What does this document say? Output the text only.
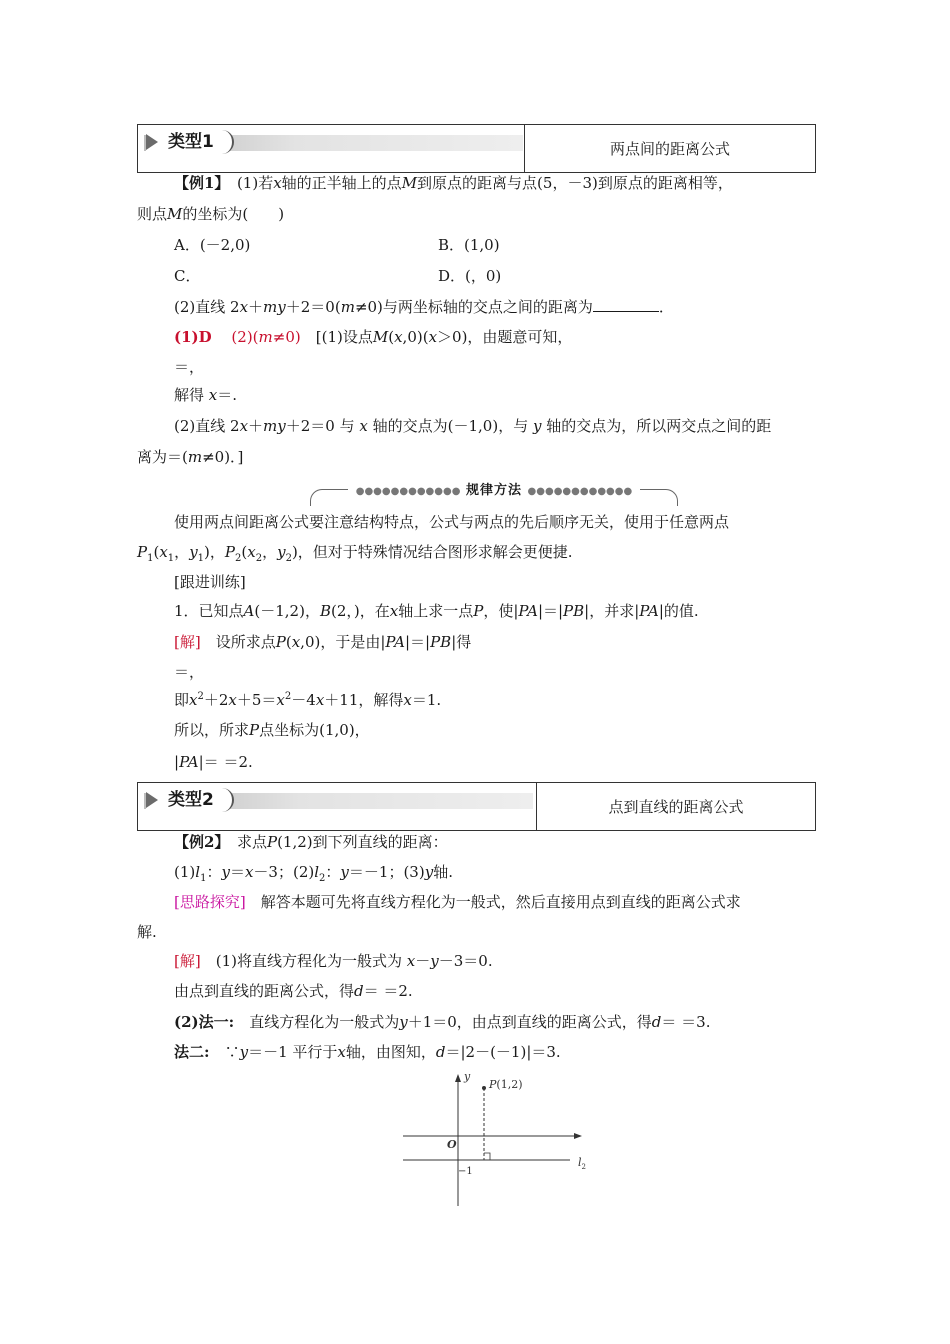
类型1	两点间的距离公式
【例1】　 (1)若x轴的正半轴上的点M到原点的距离与点(5，－3)到原点的距离相等，
则点M的坐标为(　　)
A．(－2,0)	B．(1,0)
C．	D．(，0)
(2)直线 2x＋my＋2＝0(m≠0)与两坐标轴的交点之间的距离为	．
(1)D　 (2)(m≠0)　 [(1)设点M(x,0)(x＞0)，由题意可知，
＝，
解得 x＝.
(2)直线 2x＋my＋2＝0 与 x 轴的交点为(－1,0)，与 y 轴的交点为，所以两交点之间的距
离为＝(m≠0)．]
●●●●●●●●●●●● 规律方法 ●●●●●●●●●●●●
使用两点间距离公式要注意结构特点，公式与两点的先后顺序无关，使用于任意两点
$P_1(x_1$，$y_1$)，$P_2(x_2$，$y_2$)，但对于特殊情况结合图形求解会更便捷.
[跟进训练]
1．已知点A(－1,2)，B(2，)，在x轴上求一点P，使|PA|＝|PB|，并求|PA|的值.
[解]　 设所求点P(x,0)，于是由|PA|＝|PB|得
＝，
即$x^2+2x+5=x^2-4x+11$，解得x＝1.
所以，所求P点坐标为(1,0)，
|PA|＝ ＝2.
类型2	点到直线的距离公式
【例2】　 求点P(1,2)到下列直线的距离：
$(1)l_1$：y＝x－3；$(2)l_2$：y＝－1；(3)y轴.
[思路探究]　 解答本题可先将直线方程化为一般式，然后直接用点到直线的距离公式求
解.
[解]　 (1)将直线方程化为一般式为 x－y－3＝0.
由点到直线的距离公式，得d＝ ＝2.
(2)法一:　 直线方程化为一般式为y＋1＝0，由点到直线的距离公式，得d＝ ＝3.
法二:　 ∵y＝－1 平行于x轴，由图知，d＝|2－(－1)|＝3.
y
P(1,2)
O
−1
$l_2$
